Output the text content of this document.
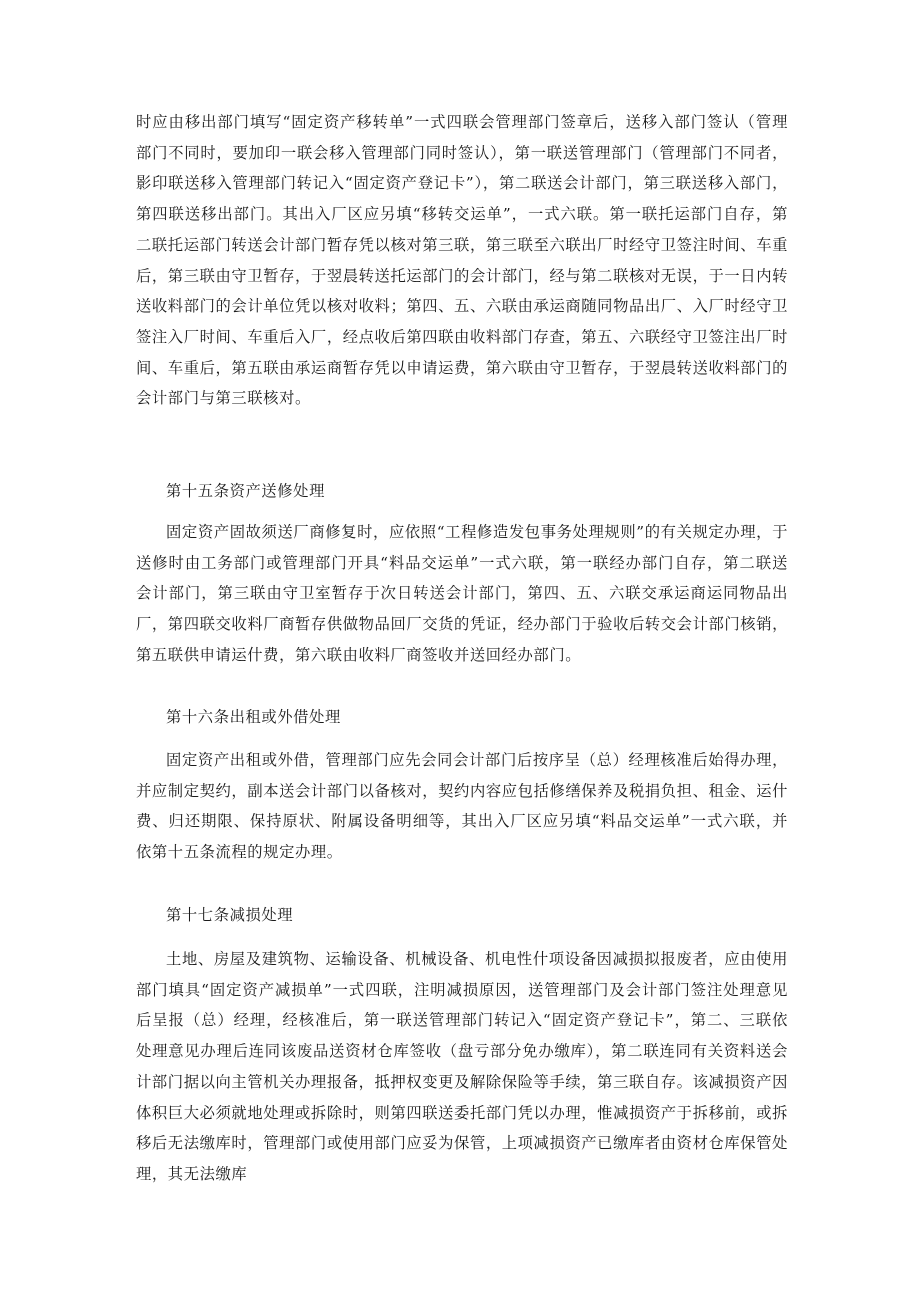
时应由移出部门填写“固定资产移转单”一式四联会管理部门签章后，送移入部门签认（管理部门不同时，要加印一联会移入管理部门同时签认），第一联送管理部门（管理部门不同者，影印联送移入管理部门转记入“固定资产登记卡”），第二联送会计部门，第三联送移入部门，第四联送移出部门。其出入厂区应另填“移转交运单”，一式六联。第一联托运部门自存，第二联托运部门转送会计部门暂存凭以核对第三联，第三联至六联出厂时经守卫签注时间、车重后，第三联由守卫暂存，于翌晨转送托运部门的会计部门，经与第二联核对无误，于一日内转送收料部门的会计单位凭以核对收料；第四、五、六联由承运商随同物品出厂、入厂时经守卫签注入厂时间、车重后入厂，经点收后第四联由收料部门存查，第五、六联经守卫签注出厂时间、车重后，第五联由承运商暂存凭以申请运费，第六联由守卫暂存，于翌晨转送收料部门的会计部门与第三联核对。

第十五条资产送修处理

固定资产固故须送厂商修复时，应依照“工程修造发包事务处理规则”的有关规定办理，于送修时由工务部门或管理部门开具“料品交运单”一式六联，第一联经办部门自存，第二联送会计部门，第三联由守卫室暂存于次日转送会计部门，第四、五、六联交承运商运同物品出厂，第四联交收料厂商暂存供做物品回厂交货的凭证，经办部门于验收后转交会计部门核销，第五联供申请运什费，第六联由收料厂商签收并送回经办部门。

第十六条出租或外借处理

固定资产出租或外借，管理部门应先会同会计部门后按序呈（总）经理核准后始得办理，并应制定契约，副本送会计部门以备核对，契约内容应包括修缮保养及税捐负担、租金、运什费、归还期限、保持原状、附属设备明细等，其出入厂区应另填“料品交运单”一式六联，并依第十五条流程的规定办理。

第十七条减损处理

土地、房屋及建筑物、运输设备、机械设备、机电性什项设备因减损拟报废者，应由使用部门填具“固定资产减损单”一式四联，注明减损原因，送管理部门及会计部门签注处理意见后呈报（总）经理，经核准后，第一联送管理部门转记入“固定资产登记卡”，第二、三联依处理意见办理后连同该废品送资材仓库签收（盘亏部分免办缴库），第二联连同有关资料送会计部门据以向主管机关办理报备，抵押权变更及解除保险等手续，第三联自存。该减损资产因体积巨大必须就地处理或拆除时，则第四联送委托部门凭以办理，惟减损资产于拆移前，或拆移后无法缴库时，管理部门或使用部门应妥为保管，上项减损资产已缴库者由资材仓库保管处理，其无法缴库
